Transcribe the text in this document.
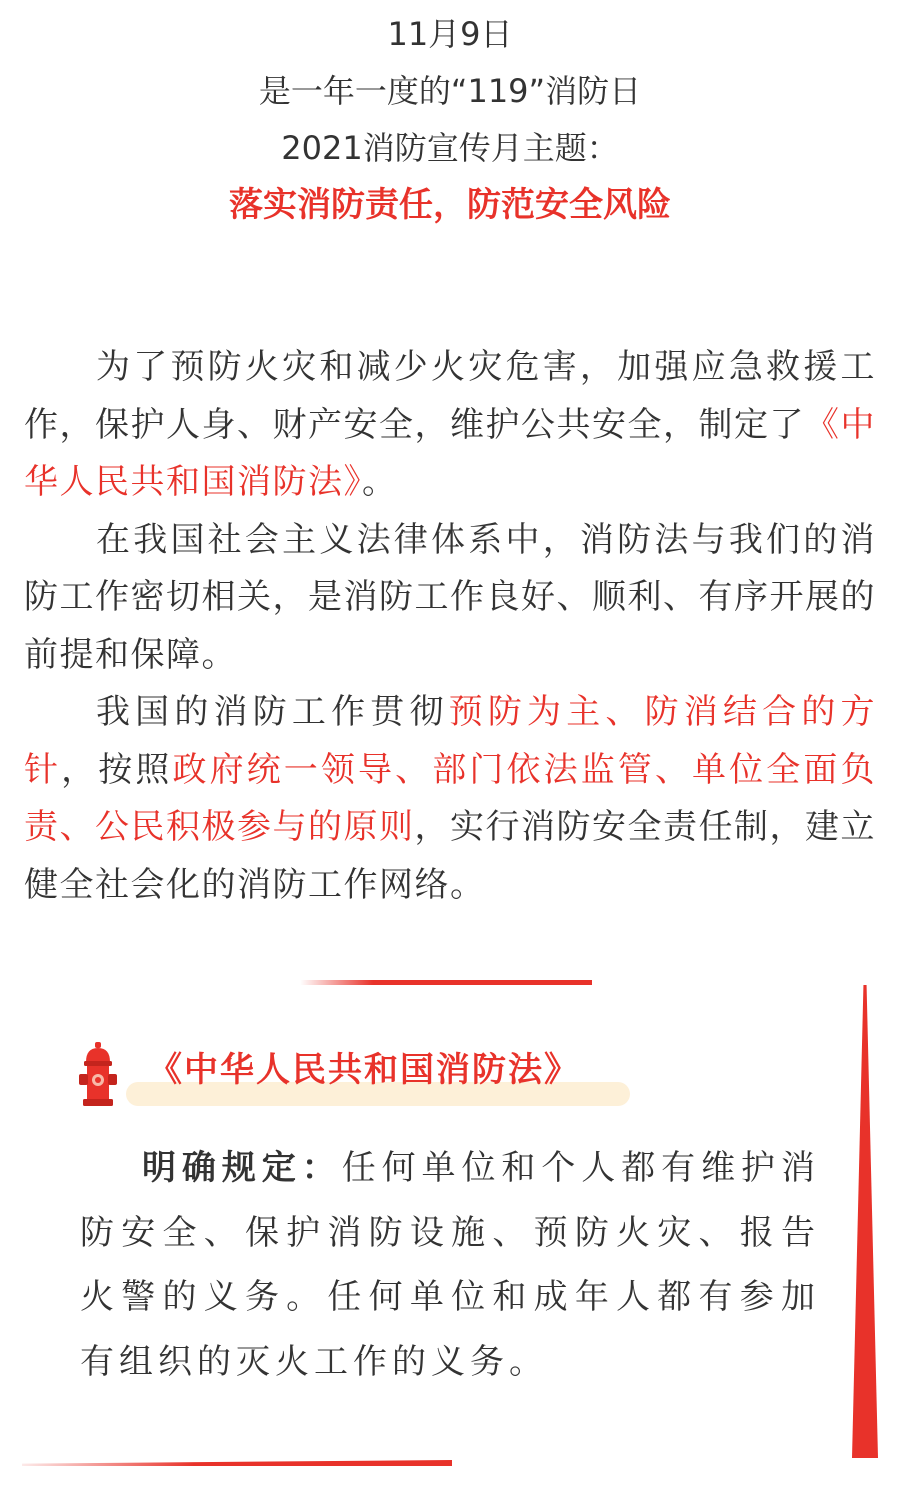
11月9日
是一年一度的“119”消防日
2021消防宣传月主题：
落实消防责任，防范安全风险

为了预防火灾和减少火灾危害，加强应急救援工作，保护人身、财产安全，维护公共安全，制定了《中华人民共和国消防法》。

在我国社会主义法律体系中，消防法与我们的消防工作密切相关，是消防工作良好、顺利、有序开展的前提和保障。

我国的消防工作贯彻预防为主、防消结合的方针，按照政府统一领导、部门依法监管、单位全面负责、公民积极参与的原则，实行消防安全责任制，建立健全社会化的消防工作网络。

《中华人民共和国消防法》

明确规定：任何单位和个人都有维护消防安全、保护消防设施、预防火灾、报告火警的义务。任何单位和成年人都有参加有组织的灭火工作的义务。
